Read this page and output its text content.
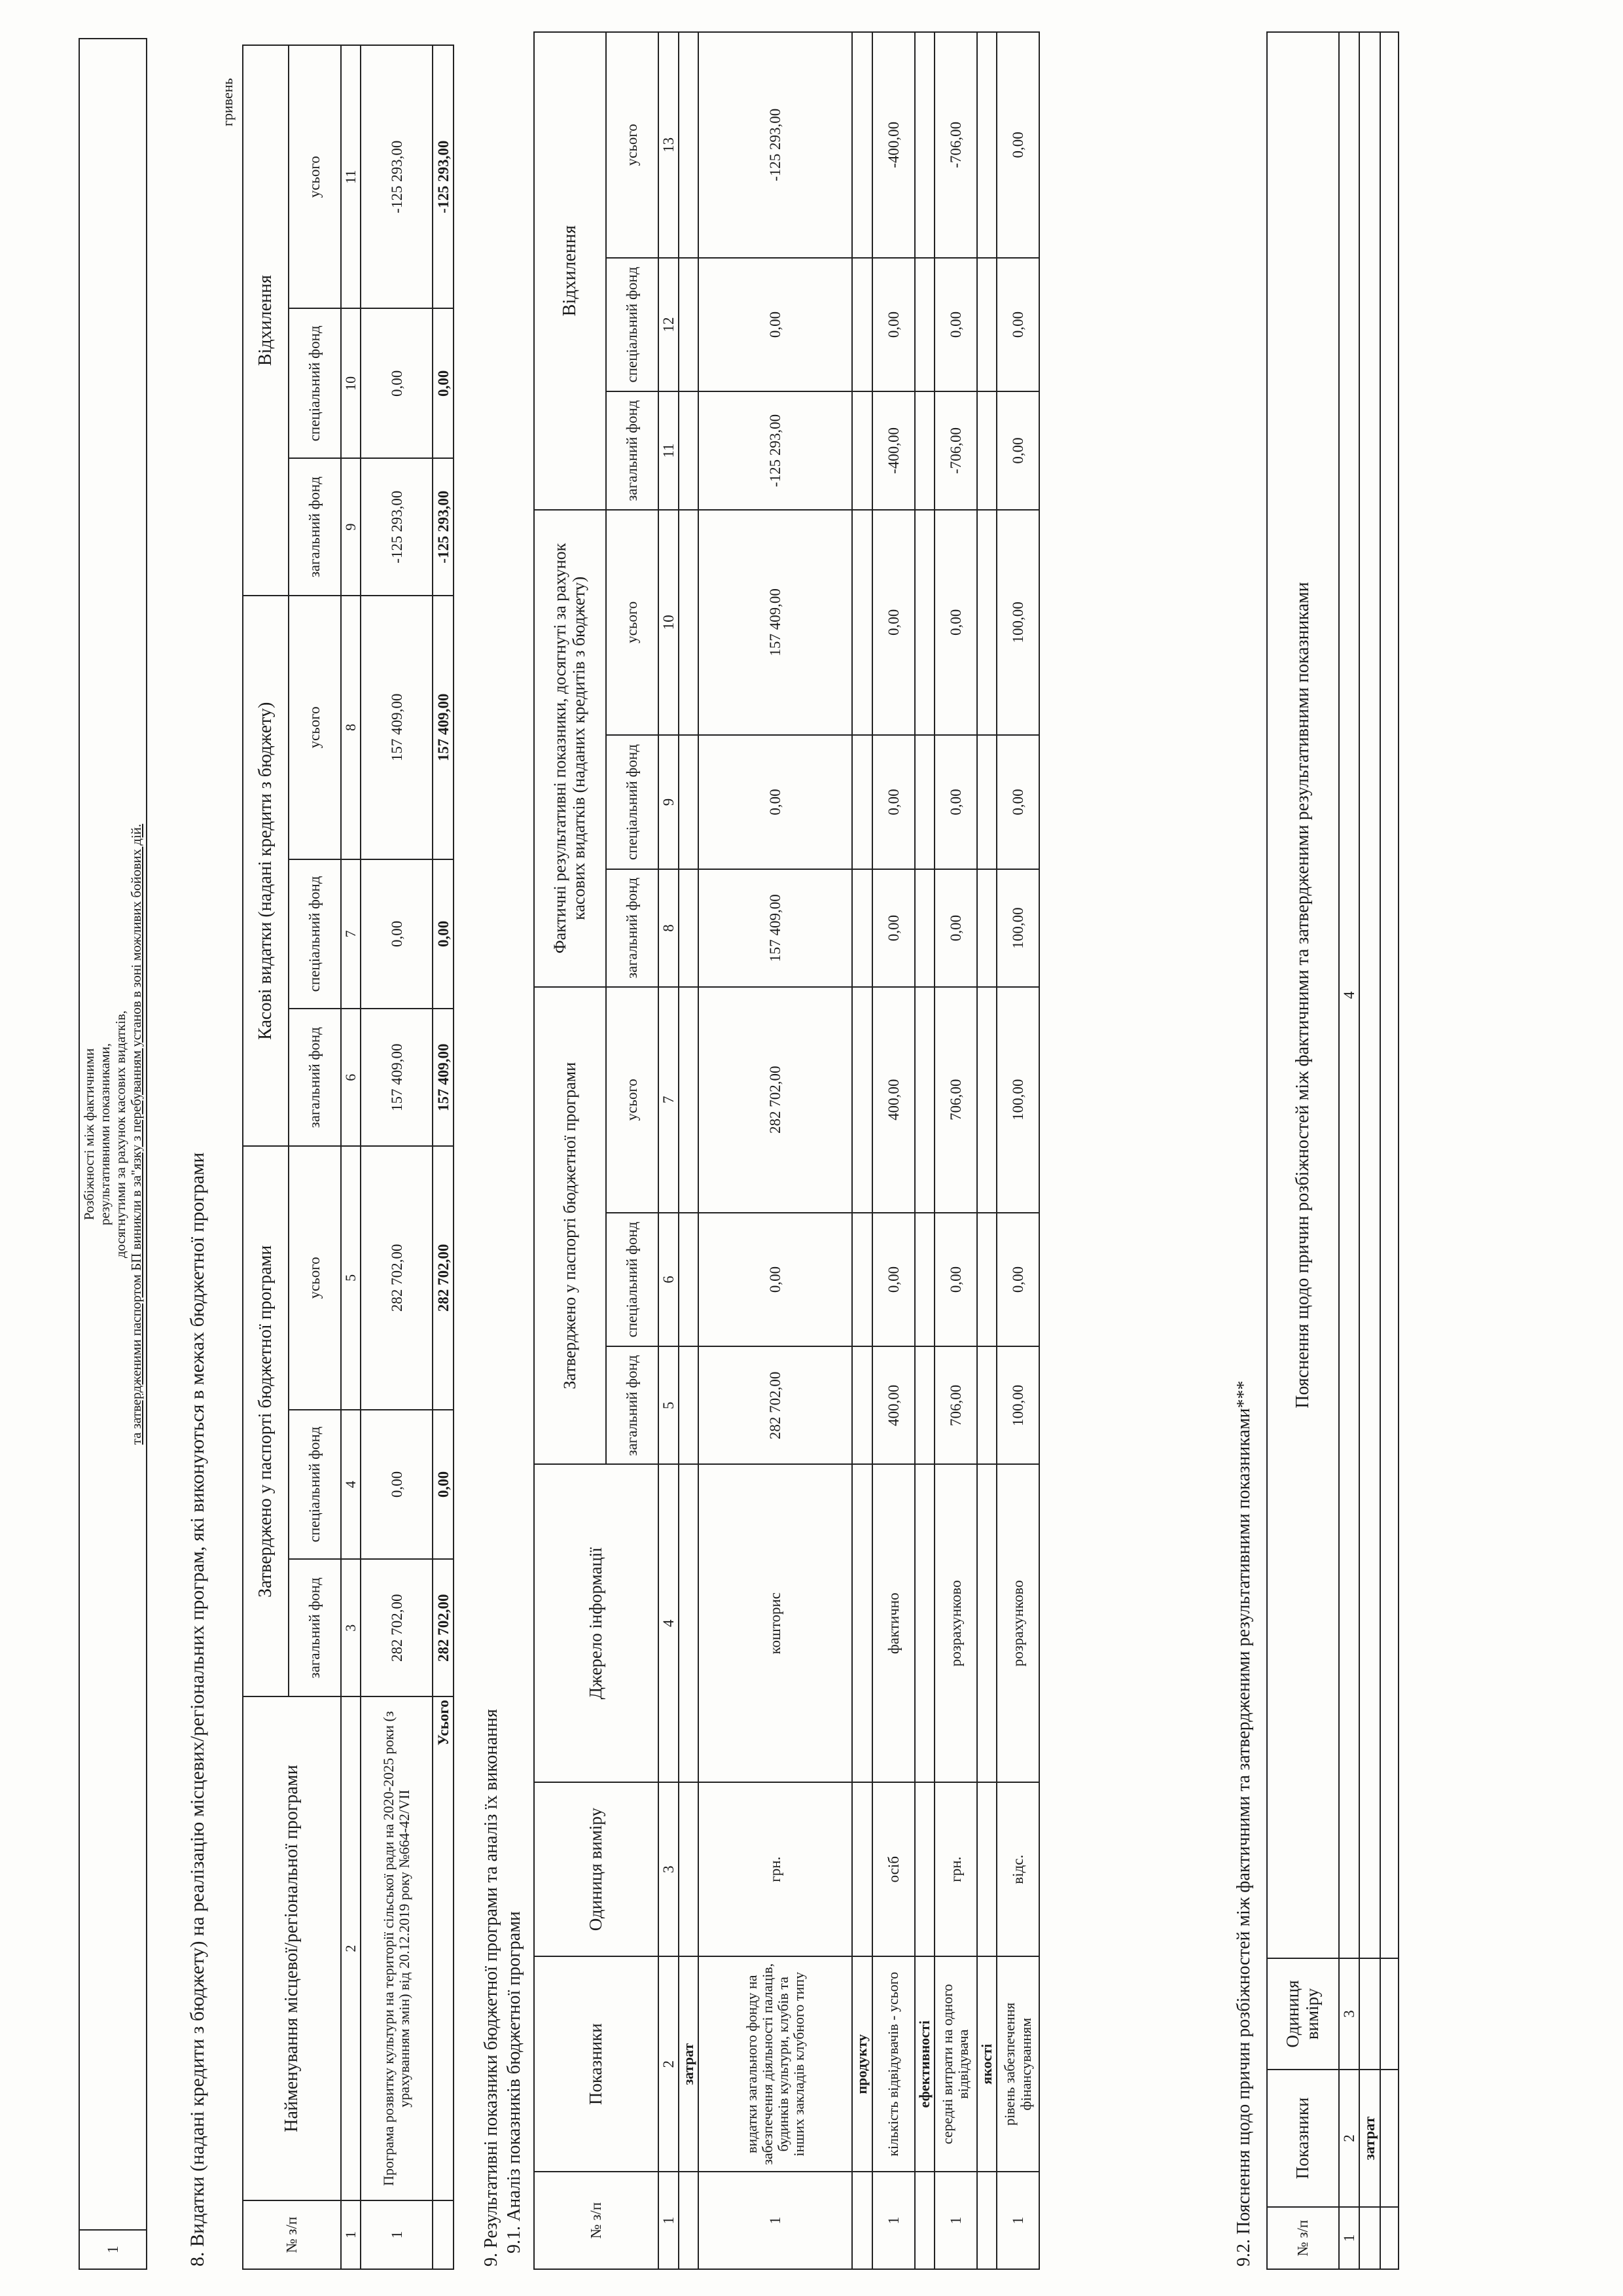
1	
Розбіжності між фактичними результативними показниками, досягнутими за рахунок касових видатків, та затвердженими паспортом БП виникли в за"язку з перебуванням установ в зоні можливих бойових дій.
8. Видатки (надані кредити з бюджету) на реалізацію місцевих/регіональних програм, які виконуються в межах бюджетної програми
гривень
№ з/п	Найменування місцевої/регіональної програми	Затверджено у паспорті бюджетної програми			Касові видатки (надані кредити з бюджету)			Відхилення		
		загальний фонд	спеціальний фонд	усього	загальний фонд	спеціальний фонд	усього	загальний фонд	спеціальний фонд	усього
1	2	3	4	5	6	7	8	9	10	11
1	Програма розвитку культури на території сільської ради на 2020-2025 роки (з урахуванням змін) від 20.12.2019 року №664-42/VII	282 702,00	0,00	282 702,00	157 409,00	0,00	157 409,00	-125 293,00	0,00	-125 293,00
	Усього	282 702,00	0,00	282 702,00	157 409,00	0,00	157 409,00	-125 293,00	0,00	-125 293,00
9. Результативні показники бюджетної програми та аналіз їх виконання 9.1. Аналіз показників бюджетної програми	№ з/п	Показники	Одиниця виміру	Джерело інформації	Затверджено у паспорті бюджетної програми			Фактичні результативні показники, досягнуті за рахунок касових видатків (наданих кредитів з бюджету)			Відхилення		
				загальний фонд	спеціальний фонд	усього	загальний фонд	спеціальний фонд	усього	загальний фонд	спеціальний фонд	усього
1	2	3	4	5	6	7	8	9	10	11	12	13
	затрат											
1	видатки загального фонду на забезпечення діяльності палаців, будинків культури, клубів та інших закладів клубного типу	грн.	кошторис	282 702,00	0,00	282 702,00	157 409,00	0,00	157 409,00	-125 293,00	0,00	-125 293,00
	продукту											
1	кількість відвідувачів - усього	осіб	фактично	400,00	0,00	400,00	0,00	0,00	0,00	-400,00	0,00	-400,00
	ефективності											
1	середні витрати на одного відвідувача	грн.	розрахунково	706,00	0,00	706,00	0,00	0,00	0,00	-706,00	0,00	-706,00
	якості											
1	рівень забезпечення фінансуванням	відс.	розрахунково	100,00	0,00	100,00	100,00	0,00	100,00	0,00	0,00	0,00
9.2. Пояснення щодо причин розбіжностей між фактичними та затвердженими результативними показниками***	№ з/п	Показники	Одиниця виміру	Пояснення щодо причин розбіжностей між фактичними та затвердженими результативними показниками
1	2	3	4
	затрат		
